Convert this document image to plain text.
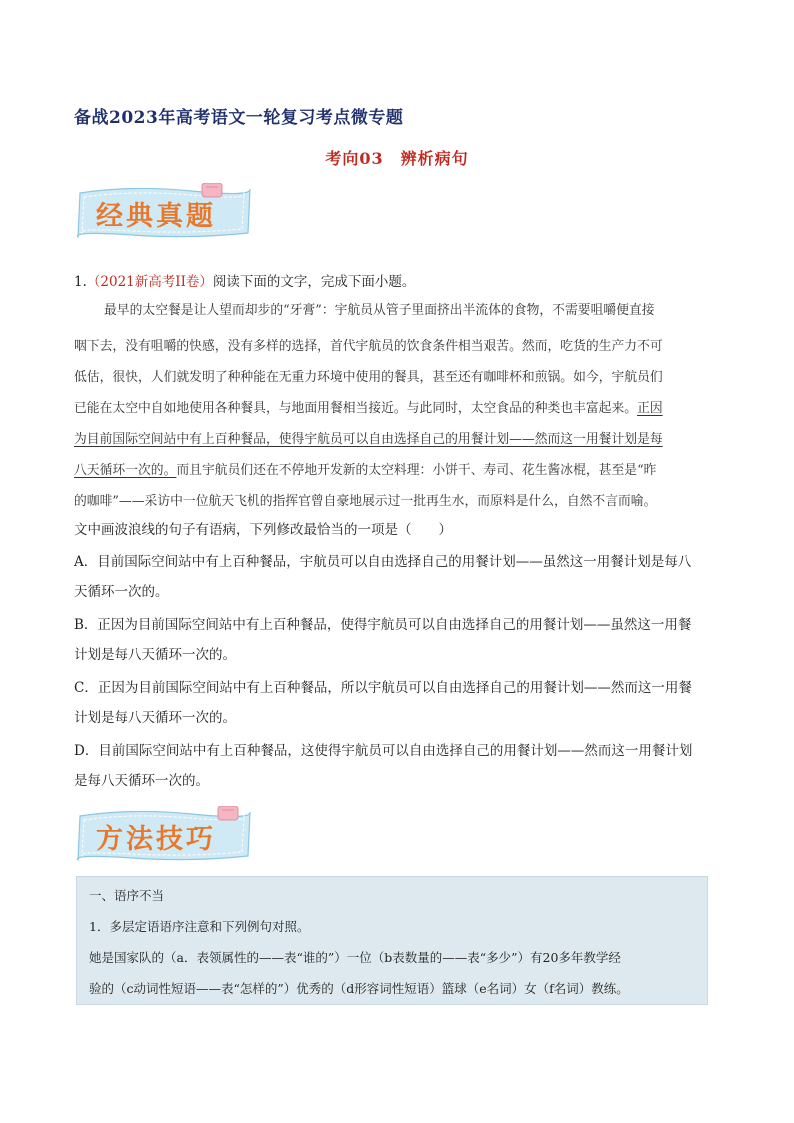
备战2023年高考语文一轮复习考点微专题
考向03　辨析病句
经典真题
1.（2021新高考II卷）阅读下面的文字，完成下面小题。
最早的太空餐是让人望而却步的“牙膏”：宇航员从管子里面挤出半流体的食物，不需要咀嚼便直接
咽下去，没有咀嚼的快感，没有多样的选择，首代宇航员的饮食条件相当艰苦。然而，吃货的生产力不可
低估，很快，人们就发明了种种能在无重力环境中使用的餐具，甚至还有咖啡杯和煎锅。如今，宇航员们
已能在太空中自如地使用各种餐具，与地面用餐相当接近。与此同时，太空食品的种类也丰富起来。正因
为目前国际空间站中有上百种餐品，使得宇航员可以自由选择自己的用餐计划——然而这一用餐计划是每
八天循环一次的。而且宇航员们还在不停地开发新的太空料理：小饼干、寿司、花生酱冰棍，甚至是“昨
的咖啡”——采访中一位航天飞机的指挥官曾自豪地展示过一批再生水，而原料是什么，自然不言而喻。
文中画波浪线的句子有语病，下列修改最恰当的一项是（　　）
A．目前国际空间站中有上百种餐品，宇航员可以自由选择自己的用餐计划——虽然这一用餐计划是每八
天循环一次的。
B．正因为目前国际空间站中有上百种餐品，使得宇航员可以自由选择自己的用餐计划——虽然这一用餐
计划是每八天循环一次的。
C．正因为目前国际空间站中有上百种餐品，所以宇航员可以自由选择自己的用餐计划——然而这一用餐
计划是每八天循环一次的。
D．目前国际空间站中有上百种餐品，这使得宇航员可以自由选择自己的用餐计划——然而这一用餐计划
是每八天循环一次的。
方法技巧
一、语序不当
1．多层定语语序注意和下列例句对照。
她是国家队的（a．表领属性的——表“谁的”）一位（b表数量的——表“多少”）有20多年教学经
验的（c动词性短语——表“怎样的”）优秀的（d形容词性短语）篮球（e名词）女（f名词）教练。
